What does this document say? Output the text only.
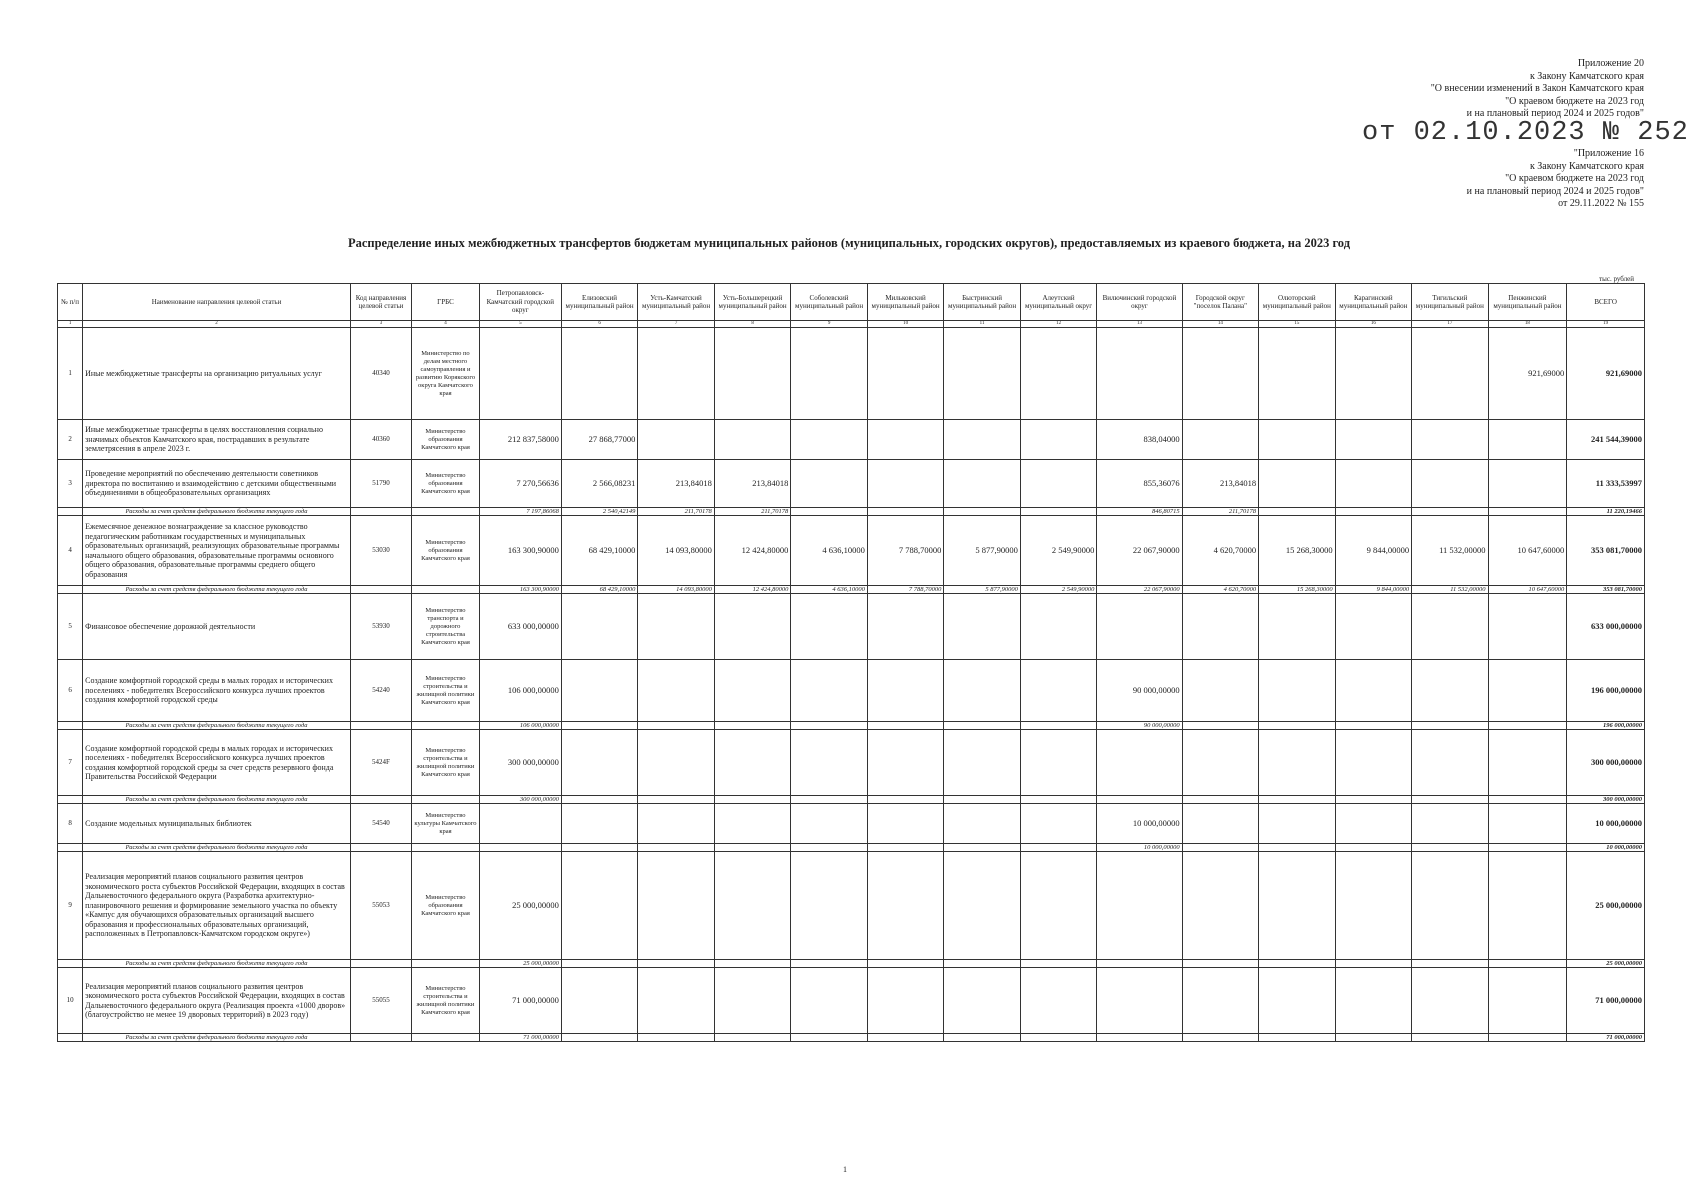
Приложение 20
к Закону Камчатского края
"О внесении изменений в Закон Камчатского края
"О краевом бюджете на 2023 год
и на плановый период 2024 и 2025 годов"
от 02.10.2023 № 252
"Приложение 16
к Закону Камчатского края
"О краевом бюджете на 2023 год
и на плановый период 2024 и 2025 годов"
от 29.11.2022 № 155
Распределение иных межбюджетных трансфертов бюджетам муниципальных районов (муниципальных, городских округов), предоставляемых из краевого бюджета, на 2023 год
тыс. рублей
№ п/п	Наименование направления целевой статьи	Код направления целевой статьи	ГРБС	Петропавловск-Камчатский городской округ	Елизовский муниципальный район	Усть-Камчатский муниципальный район	Усть-Большерецкий муниципальный район	Соболевский муниципальный район	Мильковский муниципальный район	Быстринский муниципальный район	Алеутский муниципальный округ	Вилючинский городской округ	Городской округ "поселок Палана"	Олюторский муниципальный район	Карагинский муниципальный район	Тигильский муниципальный район	Пенжинский муниципальный район	ВСЕГО
1	2	3	4	5	6	7	8	9	10	11	12	13	14	15	16	17	18	19
1	Иные межбюджетные трансферты на организацию ритуальных услуг	40340	Министерство по делам местного самоуправления и развитию Корякского округа Камчатского края														921,69000	921,69000
2	Иные межбюджетные трансферты в целях восстановления социально значимых объектов Камчатского края, пострадавших в результате землетрясения в апреле 2023 г.	40360	Министерство образования Камчатского края	212 837,58000	27 868,77000							838,04000						241 544,39000
3	Проведение мероприятий по обеспечению деятельности советников директора по воспитанию и взаимодействию с детскими общественными объединениями в общеобразовательных организациях	51790	Министерство образования Камчатского края	7 270,56636	2 566,08231	213,84018	213,84018					855,36076	213,84018					11 333,53997
	Расходы за счет средств федерального бюджета текущего года			7 197,86068	2 540,42149	211,70178	211,70178					846,80715	211,70178					11 220,19466
4	Ежемесячное денежное вознаграждение за классное руководство педагогическим работникам государственных и муниципальных образовательных организаций, реализующих образовательные программы начального общего образования, образовательные программы основного общего образования, образовательные программы среднего общего образования	53030	Министерство образования Камчатского края	163 300,90000	68 429,10000	14 093,80000	12 424,80000	4 636,10000	7 788,70000	5 877,90000	2 549,90000	22 067,90000	4 620,70000	15 268,30000	9 844,00000	11 532,00000	10 647,60000	353 081,70000
	Расходы за счет средств федерального бюджета текущего года			163 300,90000	68 429,10000	14 093,80000	12 424,80000	4 636,10000	7 788,70000	5 877,90000	2 549,90000	22 067,90000	4 620,70000	15 268,30000	9 844,00000	11 532,00000	10 647,60000	353 081,70000
5	Финансовое обеспечение дорожной деятельности	53930	Министерство транспорта и дорожного строительства Камчатского края	633 000,00000														633 000,00000
6	Создание комфортной городской среды в малых городах и исторических поселениях - победителях Всероссийского конкурса лучших проектов создания комфортной городской среды	54240	Министерство строительства и жилищной политики Камчатского края	106 000,00000								90 000,00000						196 000,00000
	Расходы за счет средств федерального бюджета текущего года			106 000,00000								90 000,00000						196 000,00000
7	Создание комфортной городской среды в малых городах и исторических поселениях - победителях Всероссийского конкурса лучших проектов создания комфортной городской среды за счет средств резервного фонда Правительства Российской Федерации	5424F	Министерство строительства и жилищной политики Камчатского края	300 000,00000														300 000,00000
	Расходы за счет средств федерального бюджета текущего года			300 000,00000														300 000,00000
8	Создание модельных муниципальных библиотек	54540	Министерство культуры Камчатского края									10 000,00000						10 000,00000
	Расходы за счет средств федерального бюджета текущего года											10 000,00000						10 000,00000
9	Реализация мероприятий планов социального развития центров экономического роста субъектов Российской Федерации, входящих в состав Дальневосточного федерального округа (Разработка архитектурно-планировочного решения и формирование земельного участка по объекту «Кампус для обучающихся образовательных организаций высшего образования и профессиональных образовательных организаций, расположенных в Петропавловск-Камчатском городском округе»)	55053	Министерство образования Камчатского края	25 000,00000														25 000,00000
	Расходы за счет средств федерального бюджета текущего года			25 000,00000														25 000,00000
10	Реализация мероприятий планов социального развития центров экономического роста субъектов Российской Федерации, входящих в состав Дальневосточного федерального округа (Реализация проекта «1000 дворов» (благоустройство не менее 19 дворовых территорий) в 2023 году)	55055	Министерство строительства и жилищной политики Камчатского края	71 000,00000														71 000,00000
	Расходы за счет средств федерального бюджета текущего года			71 000,00000														71 000,00000
1
